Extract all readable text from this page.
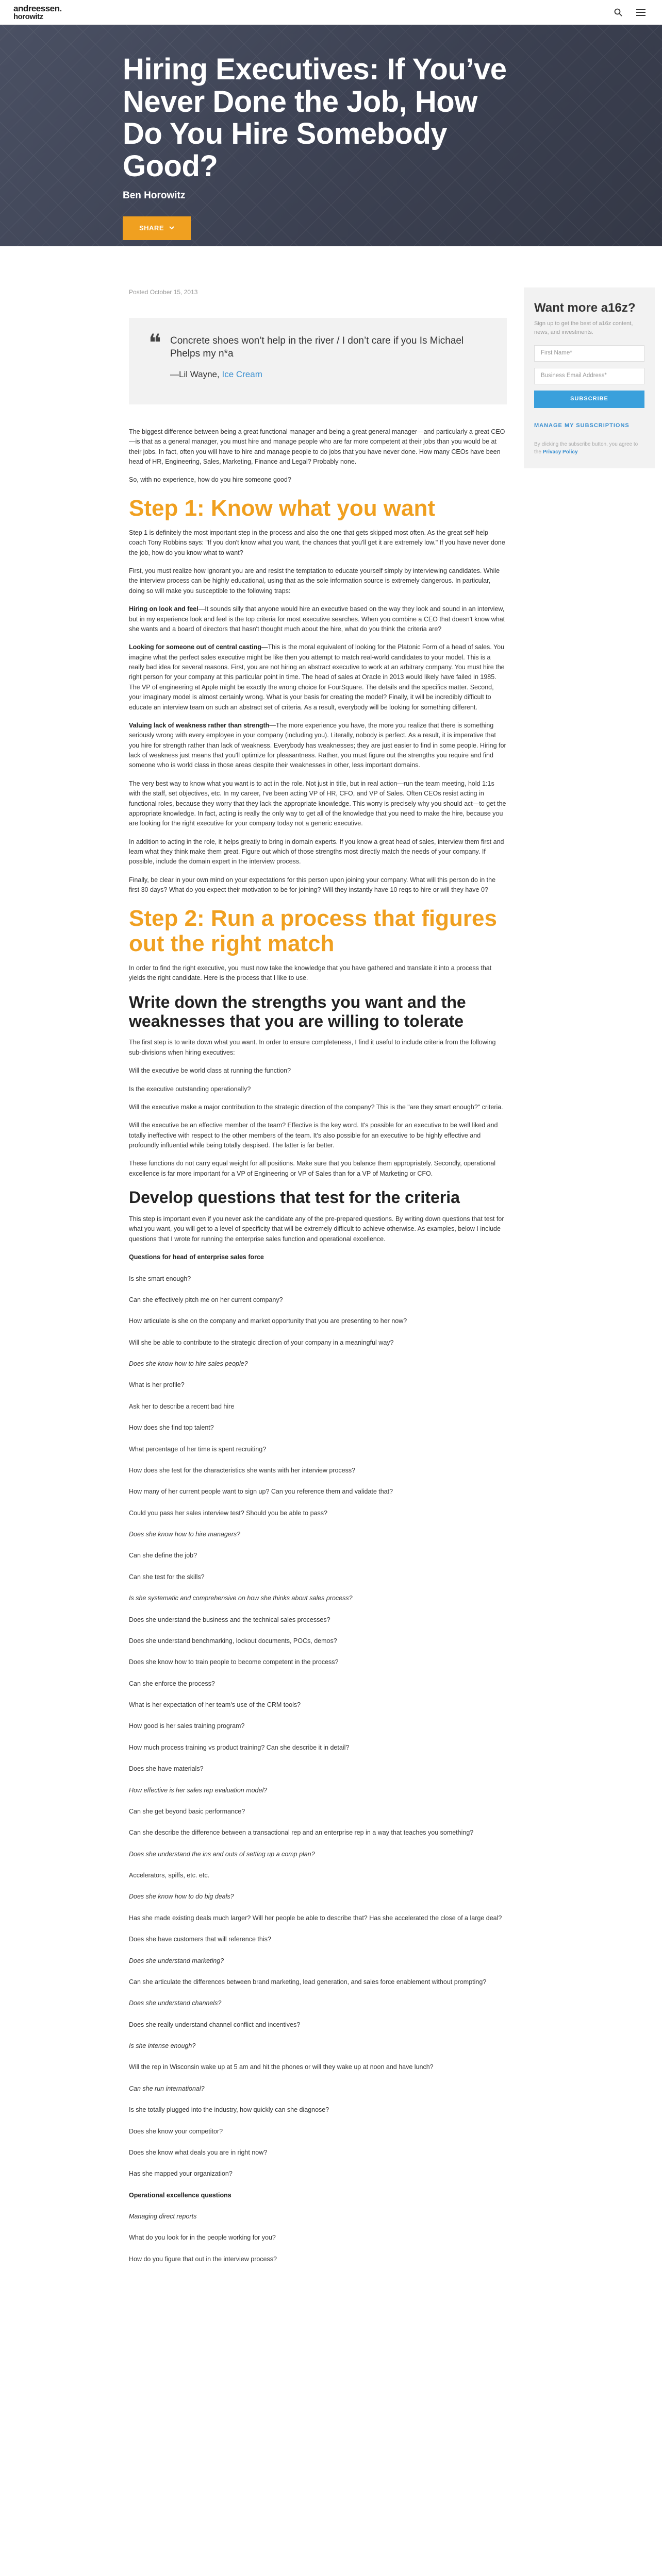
andreessen.
horowitz
Hiring Executives: If You’ve Never Done the Job, How Do You Hire Somebody Good?
Ben Horowitz
SHARE
Posted October 15, 2013
❝ Concrete shoes won’t help in the river / I don’t care if you Is Michael Phelps my n*a

—Lil Wayne, Ice Cream

The biggest difference between being a great functional manager and being a great general manager—and particularly a great CEO—is that as a general manager, you must hire and manage people who are far more competent at their jobs than you would be at their jobs. In fact, often you will have to hire and manage people to do jobs that you have never done. How many CEOs have been head of HR, Engineering, Sales, Marketing, Finance and Legal? Probably none.

So, with no experience, how do you hire someone good?

Step 1: Know what you want

Step 1 is definitely the most important step in the process and also the one that gets skipped most often. As the great self-help coach Tony Robbins says: "If you don't know what you want, the chances that you'll get it are extremely low." If you have never done the job, how do you know what to want?

First, you must realize how ignorant you are and resist the temptation to educate yourself simply by interviewing candidates. While the interview process can be highly educational, using that as the sole information source is extremely dangerous. In particular, doing so will make you susceptible to the following traps:

Hiring on look and feel—It sounds silly that anyone would hire an executive based on the way they look and sound in an interview, but in my experience look and feel is the top criteria for most executive searches. When you combine a CEO that doesn't know what she wants and a board of directors that hasn't thought much about the hire, what do you think the criteria are?

Looking for someone out of central casting—This is the moral equivalent of looking for the Platonic Form of a head of sales. You imagine what the perfect sales executive might be like then you attempt to match real-world candidates to your model. This is a really bad idea for several reasons. First, you are not hiring an abstract executive to work at an arbitrary company. You must hire the right person for your company at this particular point in time. The head of sales at Oracle in 2013 would likely have failed in 1985. The VP of engineering at Apple might be exactly the wrong choice for FourSquare. The details and the specifics matter. Second, your imaginary model is almost certainly wrong. What is your basis for creating the model? Finally, it will be incredibly difficult to educate an interview team on such an abstract set of criteria. As a result, everybody will be looking for something different.

Valuing lack of weakness rather than strength—The more experience you have, the more you realize that there is something seriously wrong with every employee in your company (including you). Literally, nobody is perfect. As a result, it is imperative that you hire for strength rather than lack of weakness. Everybody has weaknesses; they are just easier to find in some people. Hiring for lack of weakness just means that you'll optimize for pleasantness. Rather, you must figure out the strengths you require and find someone who is world class in those areas despite their weaknesses in other, less important domains.

The very best way to know what you want is to act in the role. Not just in title, but in real action—run the team meeting, hold 1:1s with the staff, set objectives, etc. In my career, I've been acting VP of HR, CFO, and VP of Sales. Often CEOs resist acting in functional roles, because they worry that they lack the appropriate knowledge. This worry is precisely why you should act—to get the appropriate knowledge. In fact, acting is really the only way to get all of the knowledge that you need to make the hire, because you are looking for the right executive for your company today not a generic executive.

In addition to acting in the role, it helps greatly to bring in domain experts. If you know a great head of sales, interview them first and learn what they think make them great. Figure out which of those strengths most directly match the needs of your company. If possible, include the domain expert in the interview process.

Finally, be clear in your own mind on your expectations for this person upon joining your company. What will this person do in the first 30 days? What do you expect their motivation to be for joining? Will they instantly have 10 reqs to hire or will they have 0?

Step 2: Run a process that figures out the right match

In order to find the right executive, you must now take the knowledge that you have gathered and translate it into a process that yields the right candidate. Here is the process that I like to use.

Write down the strengths you want and the weaknesses that you are willing to tolerate

The first step is to write down what you want. In order to ensure completeness, I find it useful to include criteria from the following sub-divisions when hiring executives:

Will the executive be world class at running the function?

Is the executive outstanding operationally?

Will the executive make a major contribution to the strategic direction of the company? This is the "are they smart enough?" criteria.

Will the executive be an effective member of the team? Effective is the key word. It's possible for an executive to be well liked and totally ineffective with respect to the other members of the team. It's also possible for an executive to be highly effective and profoundly influential while being totally despised. The latter is far better.

These functions do not carry equal weight for all positions. Make sure that you balance them appropriately. Secondly, operational excellence is far more important for a VP of Engineering or VP of Sales than for a VP of Marketing or CFO.

Develop questions that test for the criteria

This step is important even if you never ask the candidate any of the pre-prepared questions. By writing down questions that test for what you want, you will get to a level of specificity that will be extremely difficult to achieve otherwise. As examples, below I include questions that I wrote for running the enterprise sales function and operational excellence.

Questions for head of enterprise sales force
Is she smart enough?
Can she effectively pitch me on her current company?
How articulate is she on the company and market opportunity that you are presenting to her now?
Will she be able to contribute to the strategic direction of your company in a meaningful way?
Does she know how to hire sales people?
What is her profile?
Ask her to describe a recent bad hire
How does she find top talent?
What percentage of her time is spent recruiting?
How does she test for the characteristics she wants with her interview process?
How many of her current people want to sign up? Can you reference them and validate that?
Could you pass her sales interview test? Should you be able to pass?
Does she know how to hire managers?
Can she define the job?
Can she test for the skills?
Is she systematic and comprehensive on how she thinks about sales process?
Does she understand the business and the technical sales processes?
Does she understand benchmarking, lockout documents, POCs, demos?
Does she know how to train people to become competent in the process?
Can she enforce the process?
What is her expectation of her team's use of the CRM tools?
How good is her sales training program?
How much process training vs product training? Can she describe it in detail?
Does she have materials?
How effective is her sales rep evaluation model?
Can she get beyond basic performance?
Can she describe the difference between a transactional rep and an enterprise rep in a way that teaches you something?
Does she understand the ins and outs of setting up a comp plan?
Accelerators, spiffs, etc. etc.
Does she know how to do big deals?
Has she made existing deals much larger? Will her people be able to describe that? Has she accelerated the close of a large deal?
Does she have customers that will reference this?
Does she understand marketing?
Can she articulate the differences between brand marketing, lead generation, and sales force enablement without prompting?
Does she understand channels?
Does she really understand channel conflict and incentives?
Is she intense enough?
Will the rep in Wisconsin wake up at 5 am and hit the phones or will they wake up at noon and have lunch?
Can she run international?
Is she totally plugged into the industry, how quickly can she diagnose?
Does she know your competitor?
Does she know what deals you are in right now?
Has she mapped your organization?
Operational excellence questions
Managing direct reports
What do you look for in the people working for you?
How do you figure that out in the interview process?
Want more a16z?
Sign up to get the best of a16z content, news, and investments.
First Name*
Business Email Address*
SUBSCRIBE
MANAGE MY SUBSCRIPTIONS
By clicking the subscribe button, you agree to the Privacy Policy
